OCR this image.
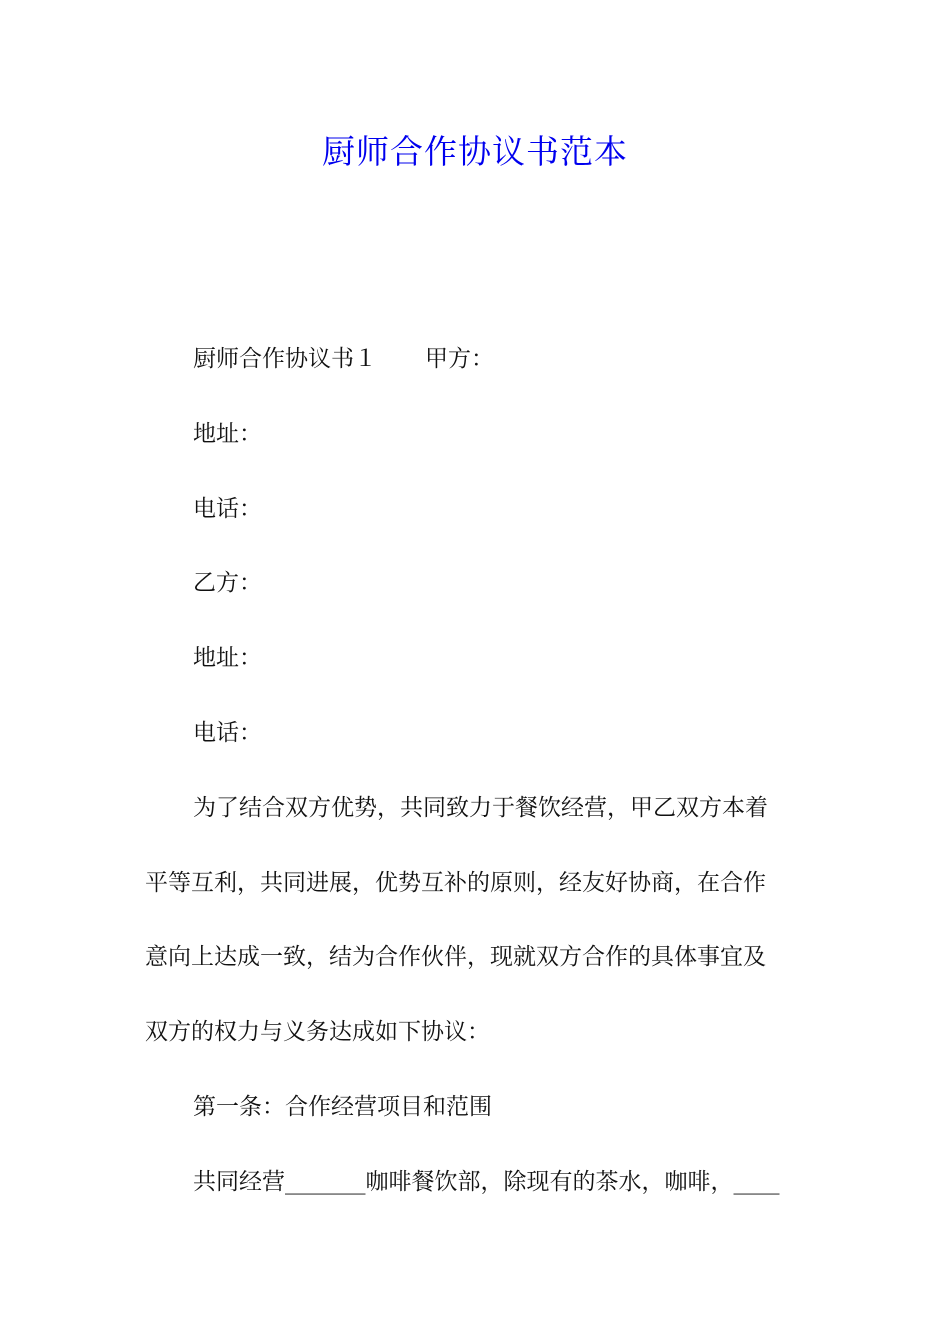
厨师合作协议书范本

厨师合作协议书１ 甲方：

地址：

电话：

乙方：

地址：

电话：

为了结合双方优势，共同致力于餐饮经营，甲乙双方本着

平等互利，共同进展，优势互补的原则，经友好协商，在合作

意向上达成一致，结为合作伙伴，现就双方合作的具体事宜及

双方的权力与义务达成如下协议：

第一条：合作经营项目和范围

共同经营_______咖啡餐饮部，除现有的茶水，咖啡，____
